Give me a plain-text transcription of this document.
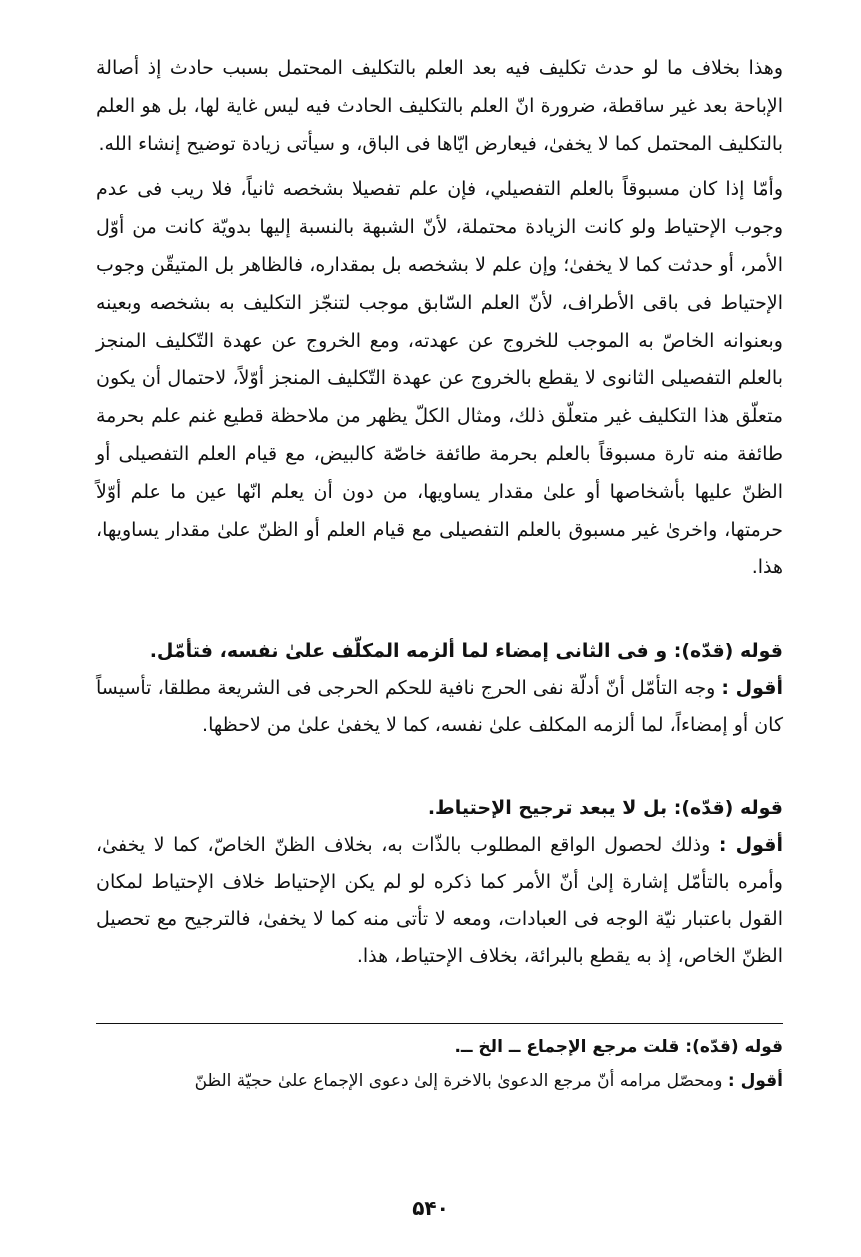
وهذا بخلاف ما لو حدث تكليف فيه بعد العلم بالتكليف المحتمل بسبب حادث إذ أصالة الإباحة بعد غير ساقطة، ضرورة انّ العلم بالتكليف الحادث فيه ليس غاية لها، بل هو العلم بالتكليف المحتمل كما لا يخفىٰ، فيعارض ايّاها فى الباق، و سيأتى زيادة توضيح إنشاء الله.

وأمّا إذا كان مسبوقاً بالعلم التفصيلي، فإن علم تفصيلا بشخصه ثانياً، فلا ريب فى عدم وجوب الإحتياط ولو كانت الزيادة محتملة، لأنّ الشبهة بالنسبة إليها بدويّة كانت من أوّل الأمر، أو حدثت كما لا يخفىٰ؛ وإن علم لا بشخصه بل بمقداره، فالظاهر بل المتيقّن وجوب الإحتياط فى باقى الأطراف، لأنّ العلم السّابق موجب لتنجّز التكليف به بشخصه وبعينه وبعنوانه الخاصّ به الموجب للخروج عن عهدته، ومع الخروج عن عهدة التّكليف المنجز بالعلم التفصيلى الثانوى لا يقطع بالخروج عن عهدة التّكليف المنجز أوّلاً، لاحتمال أن يكون متعلّق هذا التكليف غير متعلّق ذلك، ومثال الكلّ يظهر من ملاحظة قطيع غنم علم بحرمة طائفة منه تارة مسبوقاً بالعلم بحرمة طائفة خاصّة كالبيض، مع قيام العلم التفصيلى أو الظنّ عليها بأشخاصها أو علىٰ مقدار يساويها، من دون أن يعلم انّها عين ما علم أوّلاً حرمتها، واخرىٰ غير مسبوق بالعلم التفصيلى مع قيام العلم أو الظنّ علىٰ مقدار يساويها، هذا.

قوله (قدّه): و فى الثانى إمضاء لما ألزمه المكلّف علىٰ نفسه، فتأمّل.

أقول : وجه التأمّل أنّ أدلّة نفى الحرج نافية للحكم الحرجى فى الشريعة مطلقا، تأسيساً كان أو إمضاءاً، لما ألزمه المكلف علىٰ نفسه، كما لا يخفىٰ علىٰ من لاحظها.

قوله (قدّه): بل لا يبعد ترجيح الإحتياط.

أقول : وذلك لحصول الواقع المطلوب بالذّات به، بخلاف الظنّ الخاصّ، كما لا يخفىٰ، وأمره بالتأمّل إشارة إلىٰ أنّ الأمر كما ذكره لو لم يكن الإحتياط خلاف الإحتياط لمكان القول باعتبار نيّة الوجه فى العبادات، ومعه لا تأتى منه كما لا يخفىٰ، فالترجيح مع تحصيل الظنّ الخاص، إذ به يقطع بالبرائة، بخلاف الإحتياط، هذا.

قوله (قدّه): قلت مرجع الإجماع ــ الخ ــ.

أقول : ومحصّل مرامه أنّ مرجع الدعوىٰ بالاخرة إلىٰ دعوى الإجماع علىٰ حجيّة الظنّ

۵۴۰
